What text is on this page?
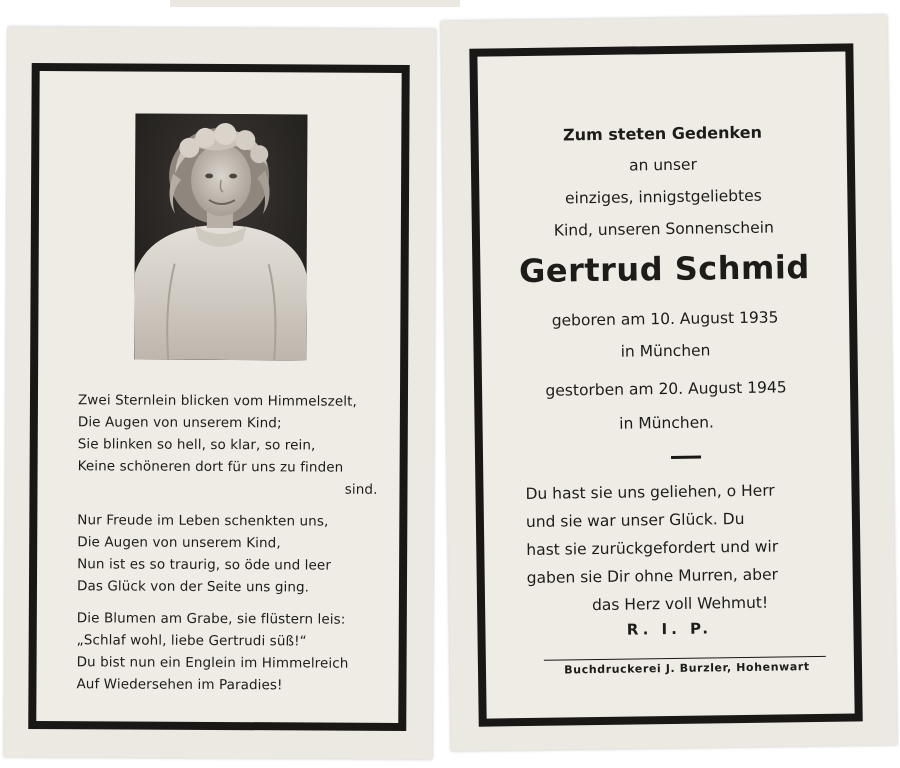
Zwei Sternlein blicken vom Himmelszelt,
Die Augen von unserem Kind;
Sie blinken so hell, so klar, so rein,
Keine schöneren dort für uns zu finden
sind.
Nur Freude im Leben schenkten uns,
Die Augen von unserem Kind,
Nun ist es so traurig, so öde und leer
Das Glück von der Seite uns ging.
Die Blumen am Grabe, sie flüstern leis:
„Schlaf wohl, liebe Gertrudi süß!“
Du bist nun ein Englein im Himmelreich
Auf Wiedersehen im Paradies!
Zum steten Gedenken
an unser
einziges, innigstgeliebtes
Kind, unseren Sonnenschein
Gertrud Schmid
geboren am 10. August 1935
in München
gestorben am 20. August 1945
in München.
Du hast sie uns geliehen, o Herr
und sie war unser Glück. Du
hast sie zurückgefordert und wir
gaben sie Dir ohne Murren, aber
das Herz voll Wehmut!
R. I. P.
Buchdruckerei J. Burzler, Hohenwart
